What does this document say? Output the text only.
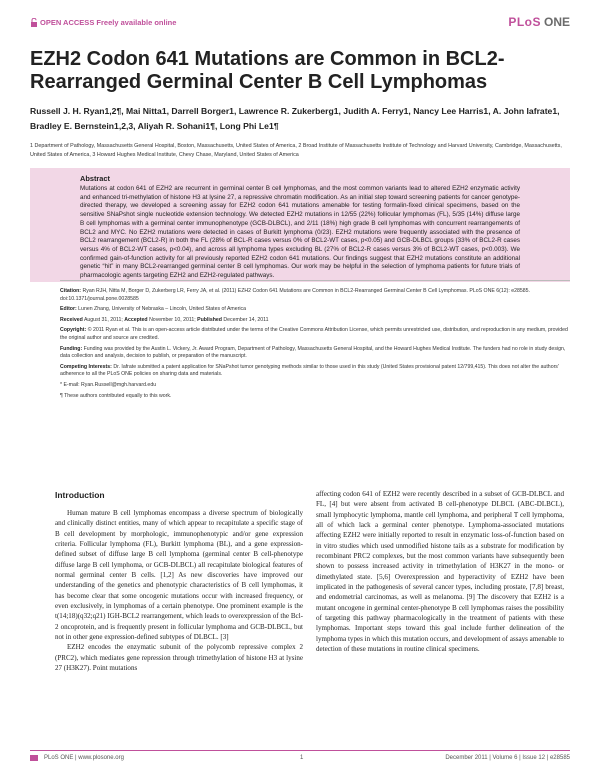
OPEN ACCESS Freely available online	PLoS ONE
EZH2 Codon 641 Mutations are Common in BCL2-Rearranged Germinal Center B Cell Lymphomas
Russell J. H. Ryan1,2¶, Mai Nitta1, Darrell Borger1, Lawrence R. Zukerberg1, Judith A. Ferry1, Nancy Lee Harris1, A. John Iafrate1, Bradley E. Bernstein1,2,3, Aliyah R. Sohani1¶, Long Phi Le1¶
1 Department of Pathology, Massachusetts General Hospital, Boston, Massachusetts, United States of America, 2 Broad Institute of Massachusetts Institute of Technology and Harvard University, Cambridge, Massachusetts, United States of America, 3 Howard Hughes Medical Institute, Chevy Chase, Maryland, United States of America
Abstract
Mutations at codon 641 of EZH2 are recurrent in germinal center B cell lymphomas, and the most common variants lead to altered EZH2 enzymatic activity and enhanced tri-methylation of histone H3 at lysine 27, a repressive chromatin modification. As an initial step toward screening patients for cancer genotype-directed therapy, we developed a screening assay for EZH2 codon 641 mutations amenable for testing formalin-fixed clinical specimens, based on the sensitive SNaPshot single nucleotide extension technology. We detected EZH2 mutations in 12/55 (22%) follicular lymphomas (FL), 5/35 (14%) diffuse large B cell lymphomas with a germinal center immunophenotype (GCB-DLBCL), and 2/11 (18%) high grade B cell lymphomas with concurrent rearrangements of BCL2 and MYC. No EZH2 mutations were detected in cases of Burkitt lymphoma (0/23). EZH2 mutations were frequently associated with the presence of BCL2 rearrangement (BCL2-R) in both the FL (28% of BCL-R cases versus 0% of BCL2-WT cases, p<0.05) and GCB-DLBCL groups (33% of BCL2-R cases versus 4% of BCL2-WT cases, p<0.04), and across all lymphoma types excluding BL (27% of BCL2-R cases versus 3% of BCL2-WT cases, p<0.003). We confirmed gain-of-function activity for all previously reported EZH2 codon 641 mutations. Our findings suggest that EZH2 mutations constitute an additional genetic “hit” in many BCL2-rearranged germinal center B cell lymphomas. Our work may be helpful in the selection of lymphoma patients for future trials of pharmacologic agents targeting EZH2 and EZH2-regulated pathways.

Citation: Ryan RJH, Nitta M, Borger D, Zukerberg LR, Ferry JA, et al. (2011) EZH2 Codon 641 Mutations are Common in BCL2-Rearranged Germinal Center B Cell Lymphomas. PLoS ONE 6(12): e28585. doi:10.1371/journal.pone.0028585

Editor: Lunen Zhang, University of Nebraska – Lincoln, United States of America

Received August 31, 2011; Accepted November 10, 2011; Published December 14, 2011

Copyright: © 2011 Ryan et al. This is an open-access article distributed under the terms of the Creative Commons Attribution License, which permits unrestricted use, distribution, and reproduction in any medium, provided the original author and source are credited.

Funding: Funding was provided by the Austin L. Vickery, Jr. Award Program, Department of Pathology, Massachusetts General Hospital, and the Howard Hughes Medical Institute. The funders had no role in study design, data collection and analysis, decision to publish, or preparation of the manuscript.

Competing Interests: Dr. Iafrate submitted a patent application for SNaPshot tumor genotyping methods similar to those used in this study (United States provisional patent 12/799,415). This does not alter the authors' adherence to all the PLoS ONE policies on sharing data and materials.

* E-mail: Ryan.Russell@mgh.harvard.edu

¶ These authors contributed equally to this work.

Introduction

Human mature B cell lymphomas encompass a diverse spectrum of biologically and clinically distinct entities, many of which appear to recapitulate a specific stage of B cell development by morphologic, immunophenotypic and/or gene expression criteria. Follicular lymphoma (FL), Burkitt lymphoma (BL), and a gene expression-defined subset of diffuse large B cell lymphoma (germinal center B cell-phenotype diffuse large B cell lymphoma, or GCB-DLBCL) all recapitulate biological features of normal germinal center B cells. [1,2] As new discoveries have improved our understanding of the genetics and phenotypic characteristics of B cell lymphomas, it has become clear that some oncogenic mutations occur with increased frequency, or even exclusively, in lymphomas of a certain phenotype. One prominent example is the t(14;18)(q32;q21) IGH-BCL2 rearrangement, which leads to overexpression of the Bcl-2 oncoprotein, and is frequently present in follicular lymphoma and GCB-DLBCL, but not in other gene expression-defined subtypes of DLBCL. [3]

EZH2 encodes the enzymatic subunit of the polycomb repressive complex 2 (PRC2), which mediates gene repression through trimethylation of histone H3 at lysine 27 (H3K27). Point mutations

affecting codon 641 of EZH2 were recently described in a subset of GCB-DLBCL and FL, [4] but were absent from activated B cell-phenotype DLBCL (ABC-DLBCL), small lymphocytic lymphoma, mantle cell lymphoma, and peripheral T cell lymphoma, all of which lack a germinal center phenotype. Lymphoma-associated mutations affecting EZH2 were initially reported to result in enzymatic loss-of-function based on in vitro studies which used unmodified histone tails as a substrate for modification by recombinant PRC2 complexes, but the most common variants have subsequently been shown to possess increased activity in trimethylation of H3K27 in the mono- or dimethylated state. [5,6] Overexpression and hyperactivity of EZH2 have been implicated in the pathogenesis of several cancer types, including prostate, [7,8] breast, and endometrial carcinomas, as well as melanoma. [9] The discovery that EZH2 is a mutant oncogene in germinal center-phenotype B cell lymphomas raises the possibility of targeting this pathway pharmacologically in the treatment of patients with these lymphomas. Important steps toward this goal include further delineation of the lymphoma types in which this mutation occurs, and development of assays amenable to detection of these mutations in routine clinical specimens.

PLoS ONE | www.plosone.org	1	December 2011 | Volume 6 | Issue 12 | e28585
